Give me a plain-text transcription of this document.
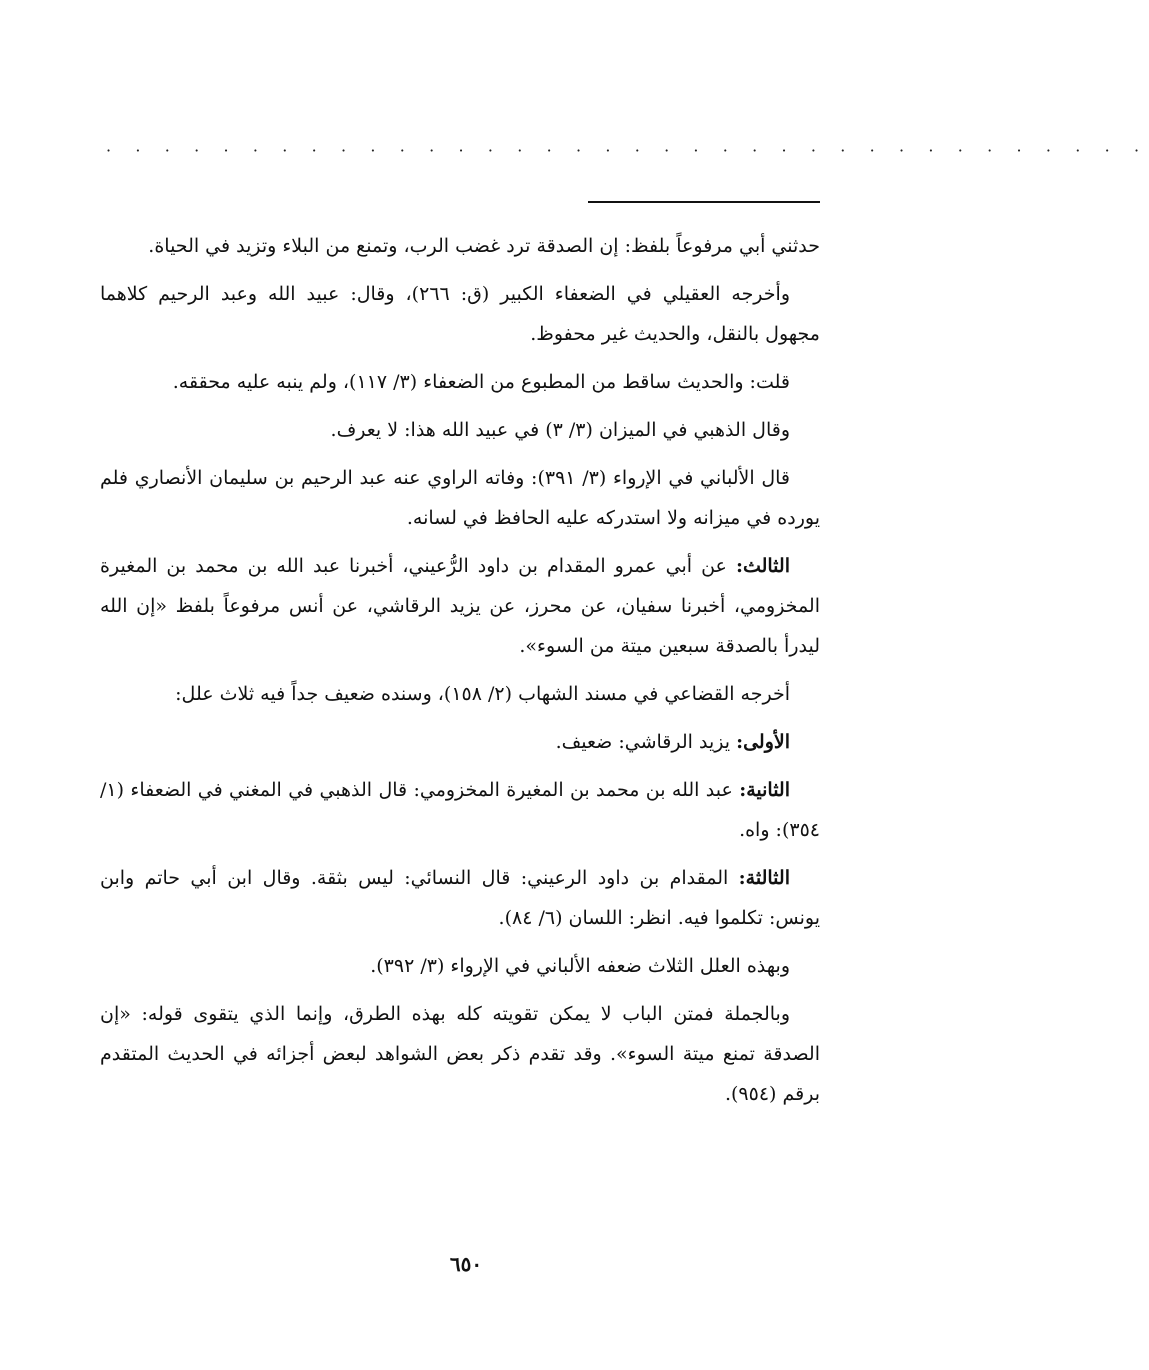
· · · · · · · · · · · · · · · · · · · · · · · · · · · · · · · · · · · ·

حدثني أبي مرفوعاً بلفظ: إن الصدقة ترد غضب الرب، وتمنع من البلاء وتزيد في الحياة.

وأخرجه العقيلي في الضعفاء الكبير (ق: ٢٦٦)، وقال: عبيد الله وعبد الرحيم كلاهما مجهول بالنقل، والحديث غير محفوظ.

قلت: والحديث ساقط من المطبوع من الضعفاء (٣/ ١١٧)، ولم ينبه عليه محققه.

وقال الذهبي في الميزان (٣/ ٣) في عبيد الله هذا: لا يعرف.

قال الألباني في الإرواء (٣/ ٣٩١): وفاته الراوي عنه عبد الرحيم بن سليمان الأنصاري فلم يورده في ميزانه ولا استدركه عليه الحافظ في لسانه.

الثالث: عن أبي عمرو المقدام بن داود الرُّعيني، أخبرنا عبد الله بن محمد بن المغيرة المخزومي، أخبرنا سفيان، عن محرز، عن يزيد الرقاشي، عن أنس مرفوعاً بلفظ «إن الله ليدرأ بالصدقة سبعين ميتة من السوء».

أخرجه القضاعي في مسند الشهاب (٢/ ١٥٨)، وسنده ضعيف جداً فيه ثلاث علل:

الأولى: يزيد الرقاشي: ضعيف.

الثانية: عبد الله بن محمد بن المغيرة المخزومي: قال الذهبي في المغني في الضعفاء (١/ ٣٥٤): واه.

الثالثة: المقدام بن داود الرعيني: قال النسائي: ليس بثقة. وقال ابن أبي حاتم وابن يونس: تكلموا فيه. انظر: اللسان (٦/ ٨٤).

وبهذه العلل الثلاث ضعفه الألباني في الإرواء (٣/ ٣٩٢).

وبالجملة فمتن الباب لا يمكن تقويته كله بهذه الطرق، وإنما الذي يتقوى قوله: «إن الصدقة تمنع ميتة السوء». وقد تقدم ذكر بعض الشواهد لبعض أجزائه في الحديث المتقدم برقم (٩٥٤).

٦٥٠
